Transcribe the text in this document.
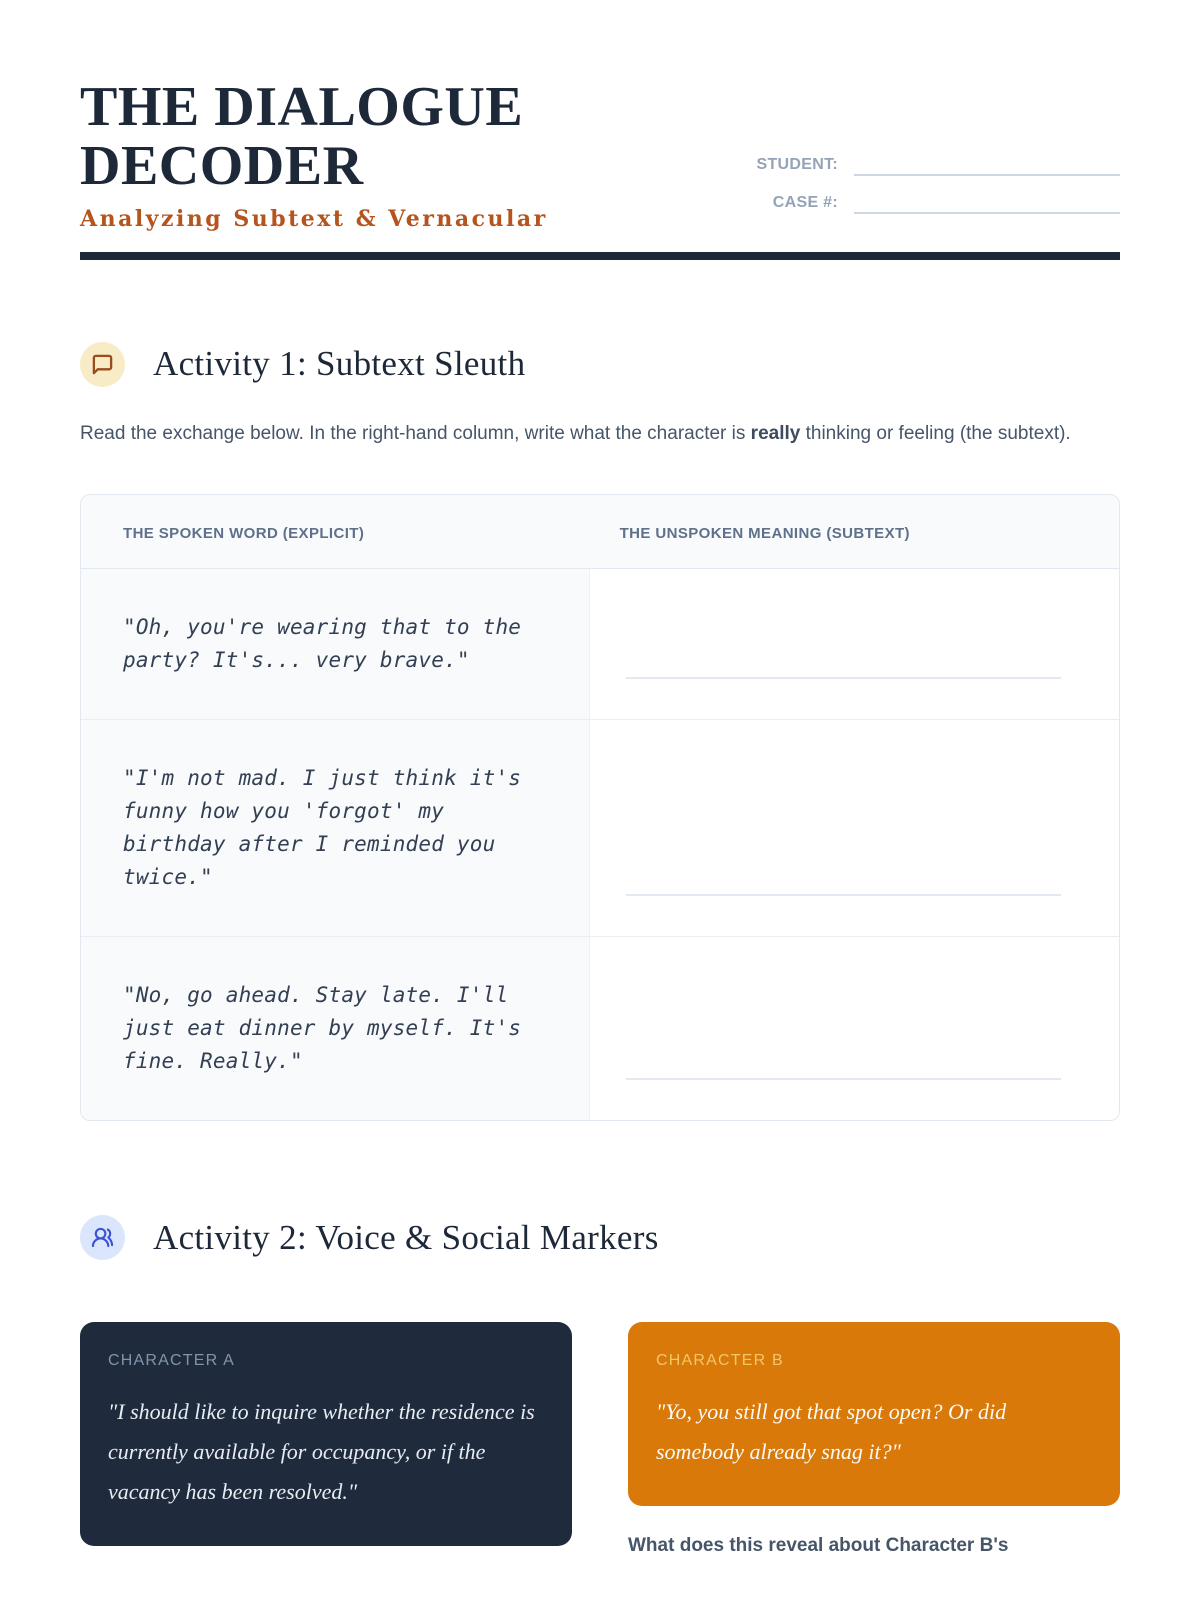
THE DIALOGUE
DECODER
Analyzing Subtext & Vernacular
STUDENT:
CASE #:
Activity 1: Subtext Sleuth

Read the exchange below. In the right-hand column, write what the character is really thinking or feeling (the subtext).

THE SPOKEN WORD (EXPLICIT)	THE UNSPOKEN MEANING (SUBTEXT)
"Oh, you're wearing that to the party? It's... very brave."
"I'm not mad. I just think it's funny how you 'forgot' my birthday after I reminded you twice."
"No, go ahead. Stay late. I'll just eat dinner by myself. It's fine. Really."
Activity 2: Voice & Social Markers
CHARACTER A
"I should like to inquire whether the residence is currently available for occupancy, or if the vacancy has been resolved."
CHARACTER B
"Yo, you still got that spot open? Or did somebody already snag it?"
What does this reveal about Character B's
